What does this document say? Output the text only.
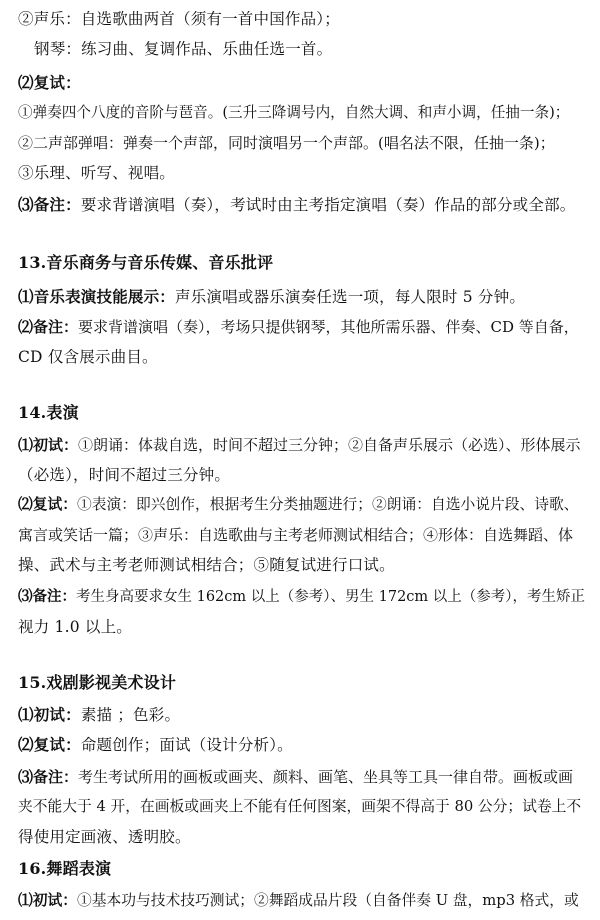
②声乐：自选歌曲两首（须有一首中国作品）；
钢琴：练习曲、复调作品、乐曲任选一首。
⑵复试：
①弹奏四个八度的音阶与琶音。(三升三降调号内，自然大调、和声小调，任抽一条)；
②二声部弹唱：弹奏一个声部，同时演唱另一个声部。(唱名法不限，任抽一条)；
③乐理、听写、视唱。
⑶备注：要求背谱演唱（奏），考试时由主考指定演唱（奏）作品的部分或全部。
13.音乐商务与音乐传媒、音乐批评
⑴音乐表演技能展示：声乐演唱或器乐演奏任选一项，每人限时 5 分钟。
⑵备注：要求背谱演唱（奏），考场只提供钢琴，其他所需乐器、伴奏、CD 等自备，
CD 仅含展示曲目。
14.表演
⑴初试：①朗诵：体裁自选，时间不超过三分钟；②自备声乐展示（必选）、形体展示
（必选），时间不超过三分钟。
⑵复试：①表演：即兴创作，根据考生分类抽题进行；②朗诵：自选小说片段、诗歌、
寓言或笑话一篇；③声乐：自选歌曲与主考老师测试相结合；④形体：自选舞蹈、体
操、武术与主考老师测试相结合；⑤随复试进行口试。
⑶备注：考生身高要求女生 162cm 以上（参考）、男生 172cm 以上（参考），考生矫正
视力 1.0 以上。
15.戏剧影视美术设计
⑴初试：素描 ；色彩。
⑵复试：命题创作；面试（设计分析）。
⑶备注：考生考试所用的画板或画夹、颜料、画笔、坐具等工具一律自带。画板或画
夹不能大于 4 开，在画板或画夹上不能有任何图案，画架不得高于 80 公分；试卷上不
得使用定画液、透明胶。
16.舞蹈表演
⑴初试：①基本功与技术技巧测试；②舞蹈成品片段（自备伴奏 U 盘，mp3 格式，或
